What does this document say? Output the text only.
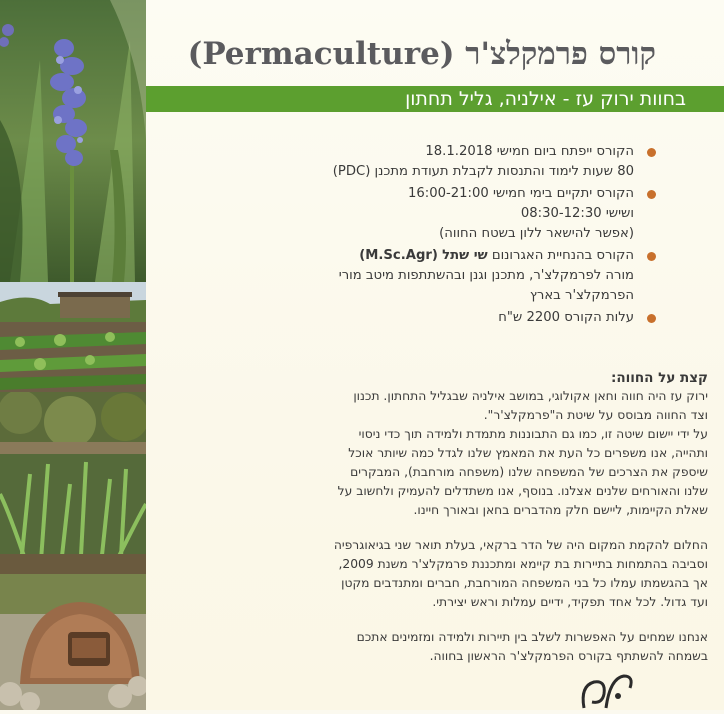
קורס פרמקלצ'ר (Permaculture)
בחוות ירוק עז - אילניה, גליל תחתון
הקורס ייפתח ביום חמישי 18.1.2018
80 שעות לימוד והתנסות לקבלת תעודת מתכנן (PDC)
הקורס יתקיים בימי חמישי 16:00-21:00
ושישי 08:30-12:30
(אפשר להישאר ללון בשטח החווה)
הקורס בהנחיית האגרונום שי שתל (M.Sc.Agr)
מורה לפרמקלצ'ר, מתכנן וגנן ובהשתתפות מיטב מורי
הפרמקלצ'ר בארץ
עלות הקורס 2200 ש"ח
קצת על החווה:

ירוק עז היה חווה וחאן אקולוגי, במושב אילניה שבגליל התחתון. תכנון
וצד החווה מבוסס על שיטת ה"פרמקלצ'ר".
על ידי יישום שיטה זו, כמו גם התבוננות מתמדת ולמידה תוך כדי ניסוי
ותהייה, אנו משפרים כל העת את המאמץ שלנו לגדל כמה שיותר אוכל
שיספק את הצרכים של המשפחה שלנו (משפחה מורחבת), המבקרים
שלנו והאורחים שלנים אצלנו. בנוסף, אנו משתדלים להעמיק ולחשוב על
שאלת הקיימות, ליישם חלק מהדברים בחאן ובאורך חיינו.

החלום להקמת המקום היה של הדר ברקאי, בעלת תואר שני בגיאוגרפיה
וסביבה בהתמחות בתיירות בת קיימא ומתכננת פרמקלצ'ר משנת 2009,
אך בהגשמתו עמלו כל בני המשפחה המורחבת, חברים ומתנדבים מקטן
ועד גדול. לכל אחד תפקיד, ידיים עמלות וראש יצירתי.

אנחנו שמחים על האפשרות לשלב בין תיירות ולמידה ומזמינים אתכם
בשמחה להשתתף בקורס הפרמקלצ'ר הראשון בחווה.
